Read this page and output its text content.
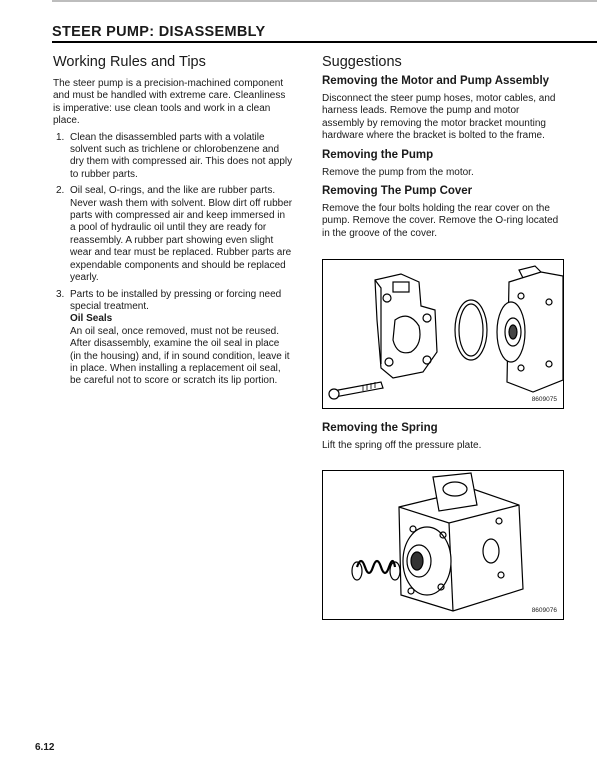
STEER PUMP: DISASSEMBLY
Working Rules and Tips

The steer pump is a precision-machined component and must be handled with extreme care. Cleanliness is imperative: use clean tools and work in a clean place.

1. Clean the disassembled parts with a volatile solvent such as trichlene or chlorobenzene and dry them with compressed air. This does not apply to rubber parts.
2. Oil seal, O-rings, and the like are rubber parts. Never wash them with solvent. Blow dirt off rubber parts with compressed air and keep immersed in a pool of hydraulic oil until they are ready for reassembly. A rubber part showing even slight wear and tear must be replaced. Rubber parts are expendable components and should be replaced yearly.
3. Parts to be installed by pressing or forcing need special treatment.
Oil Seals
An oil seal, once removed, must not be reused. After disassembly, examine the oil seal in place (in the housing) and, if in sound condition, leave it in place. When installing a replacement oil seal, be careful not to score or scratch its lip portion.
Suggestions
Removing the Motor and Pump Assembly

Disconnect the steer pump hoses, motor cables, and harness leads. Remove the pump and motor assembly by removing the motor bracket mounting hardware where the bracket is bolted to the frame.

Removing the Pump

Remove the pump from the motor.

Removing The Pump Cover

Remove the four bolts holding the rear cover on the pump. Remove the cover. Remove the O-ring located in the groove of the cover.

8609075
Removing the Spring

Lift the spring off the pressure plate.

8609076
6.12
